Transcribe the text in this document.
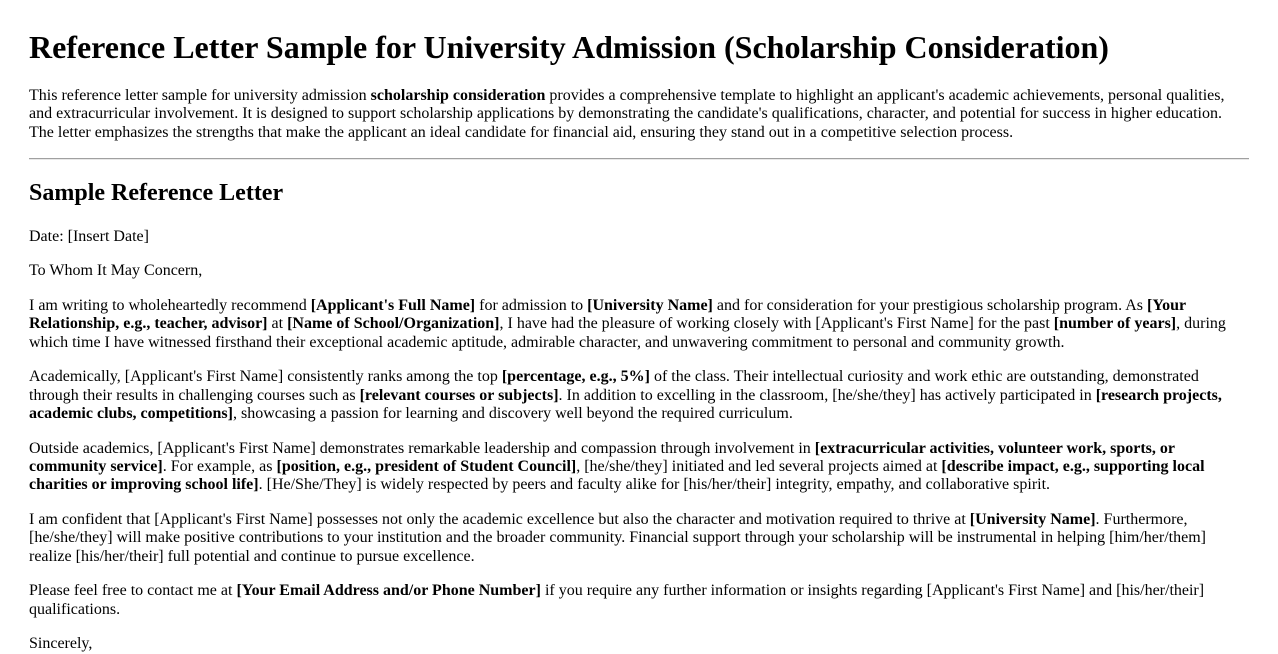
Reference Letter Sample for University Admission (Scholarship Consideration)

This reference letter sample for university admission scholarship consideration provides a comprehensive template to highlight an applicant's academic achievements, personal qualities, and extracurricular involvement. It is designed to support scholarship applications by demonstrating the candidate's qualifications, character, and potential for success in higher education. The letter emphasizes the strengths that make the applicant an ideal candidate for financial aid, ensuring they stand out in a competitive selection process.

Sample Reference Letter

Date: [Insert Date]

To Whom It May Concern,

I am writing to wholeheartedly recommend [Applicant's Full Name] for admission to [University Name] and for consideration for your prestigious scholarship program. As [Your Relationship, e.g., teacher, advisor] at [Name of School/Organization], I have had the pleasure of working closely with [Applicant's First Name] for the past [number of years], during which time I have witnessed firsthand their exceptional academic aptitude, admirable character, and unwavering commitment to personal and community growth.

Academically, [Applicant's First Name] consistently ranks among the top [percentage, e.g., 5%] of the class. Their intellectual curiosity and work ethic are outstanding, demonstrated through their results in challenging courses such as [relevant courses or subjects]. In addition to excelling in the classroom, [he/she/they] has actively participated in [research projects, academic clubs, competitions], showcasing a passion for learning and discovery well beyond the required curriculum.

Outside academics, [Applicant's First Name] demonstrates remarkable leadership and compassion through involvement in [extracurricular activities, volunteer work, sports, or community service]. For example, as [position, e.g., president of Student Council], [he/she/they] initiated and led several projects aimed at [describe impact, e.g., supporting local charities or improving school life]. [He/She/They] is widely respected by peers and faculty alike for [his/her/their] integrity, empathy, and collaborative spirit.

I am confident that [Applicant's First Name] possesses not only the academic excellence but also the character and motivation required to thrive at [University Name]. Furthermore, [he/she/they] will make positive contributions to your institution and the broader community. Financial support through your scholarship will be instrumental in helping [him/her/them] realize [his/her/their] full potential and continue to pursue excellence.

Please feel free to contact me at [Your Email Address and/or Phone Number] if you require any further information or insights regarding [Applicant's First Name] and [his/her/their] qualifications.

Sincerely,
